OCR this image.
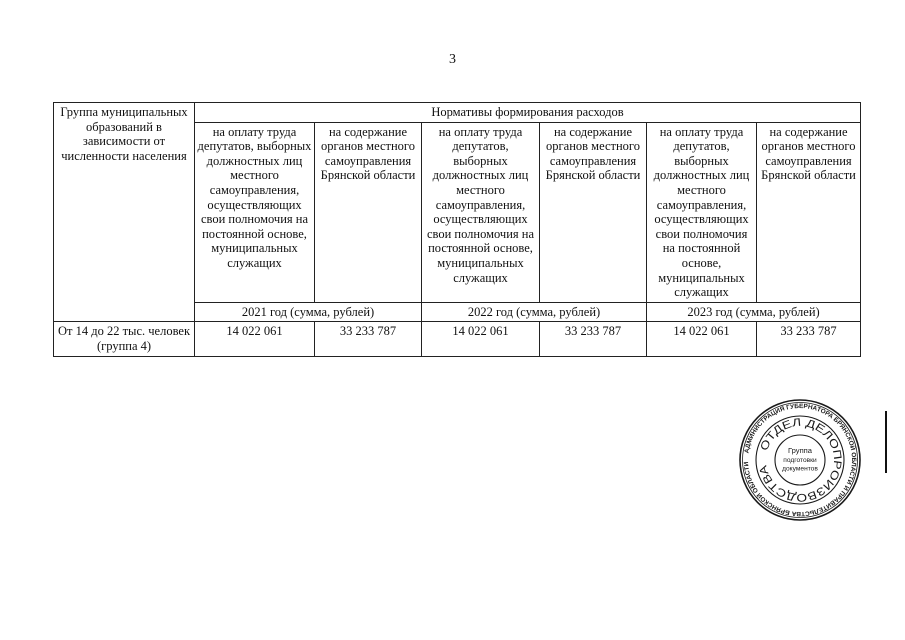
3
Группа муниципальных образований в зависимости от численности населения	Нормативы формирования расходов					
	на оплату труда депутатов, выборных должностных лиц местного самоуправления, осуществляющих свои полномочия на постоянной основе, муниципальных служащих	на содержание органов местного самоуправления Брянской области	на оплату труда депутатов, выборных должностных лиц местного самоуправления, осуществляющих свои полномочия на постоянной основе, муниципальных служащих	на содержание органов местного самоуправления Брянской области	на оплату труда депутатов, выборных должностных лиц местного самоуправления, осуществляющих свои полномочия на постоянной основе, муниципальных служащих	на содержание органов местного самоуправления Брянской области
	2021 год (сумма, рублей)		2022 год (сумма, рублей)		2023 год (сумма, рублей)	
От 14 до 22 тыс. человек (группа 4)	14 022 061	33 233 787	14 022 061	33 233 787	14 022 061	33 233 787
АДМИНИСТРАЦИЯ ГУБЕРНАТОРА БРЯНСКОЙ ОБЛАСТИ И ПРАВИТЕЛЬСТВА БРЯНСКОЙ ОБЛАСТИ
ОТДЕЛ ДЕЛОПРОИЗВОДСТВА
Группа
подготовки
документов
